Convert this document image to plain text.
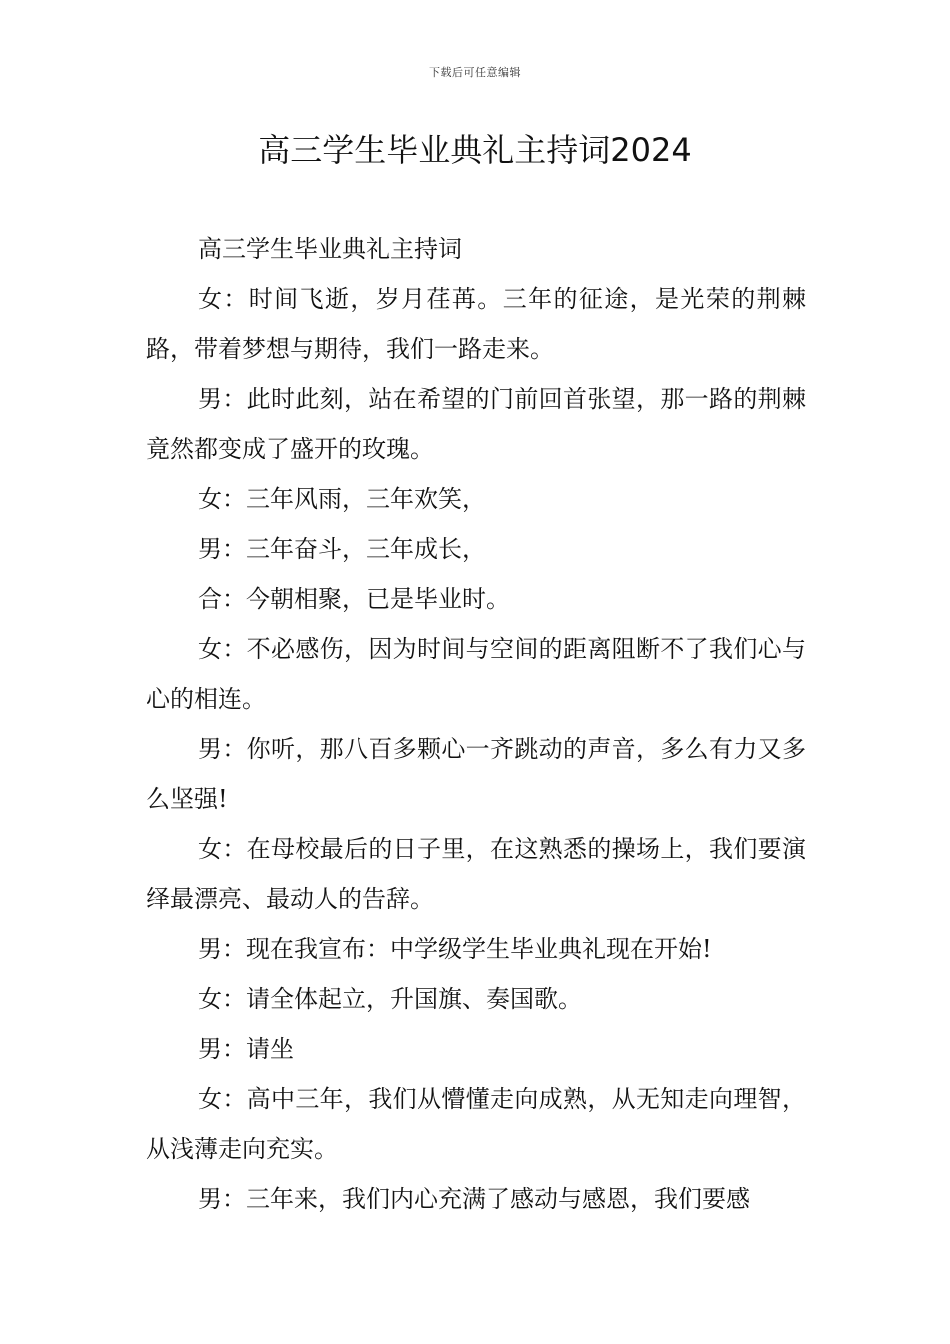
下载后可任意编辑
高三学生毕业典礼主持词2024

高三学生毕业典礼主持词

女：时间飞逝，岁月荏苒。三年的征途，是光荣的荆棘路，带着梦想与期待，我们一路走来。

男：此时此刻，站在希望的门前回首张望，那一路的荆棘竟然都变成了盛开的玫瑰。

女：三年风雨，三年欢笑，

男：三年奋斗，三年成长，

合：今朝相聚，已是毕业时。

女：不必感伤，因为时间与空间的距离阻断不了我们心与心的相连。

男：你听，那八百多颗心一齐跳动的声音，多么有力又多么坚强!

女：在母校最后的日子里，在这熟悉的操场上，我们要演绎最漂亮、最动人的告辞。

男：现在我宣布：中学级学生毕业典礼现在开始!

女：请全体起立，升国旗、奏国歌。

男：请坐

女：高中三年，我们从懵懂走向成熟，从无知走向理智，从浅薄走向充实。

男：三年来，我们内心充满了感动与感恩，我们要感
